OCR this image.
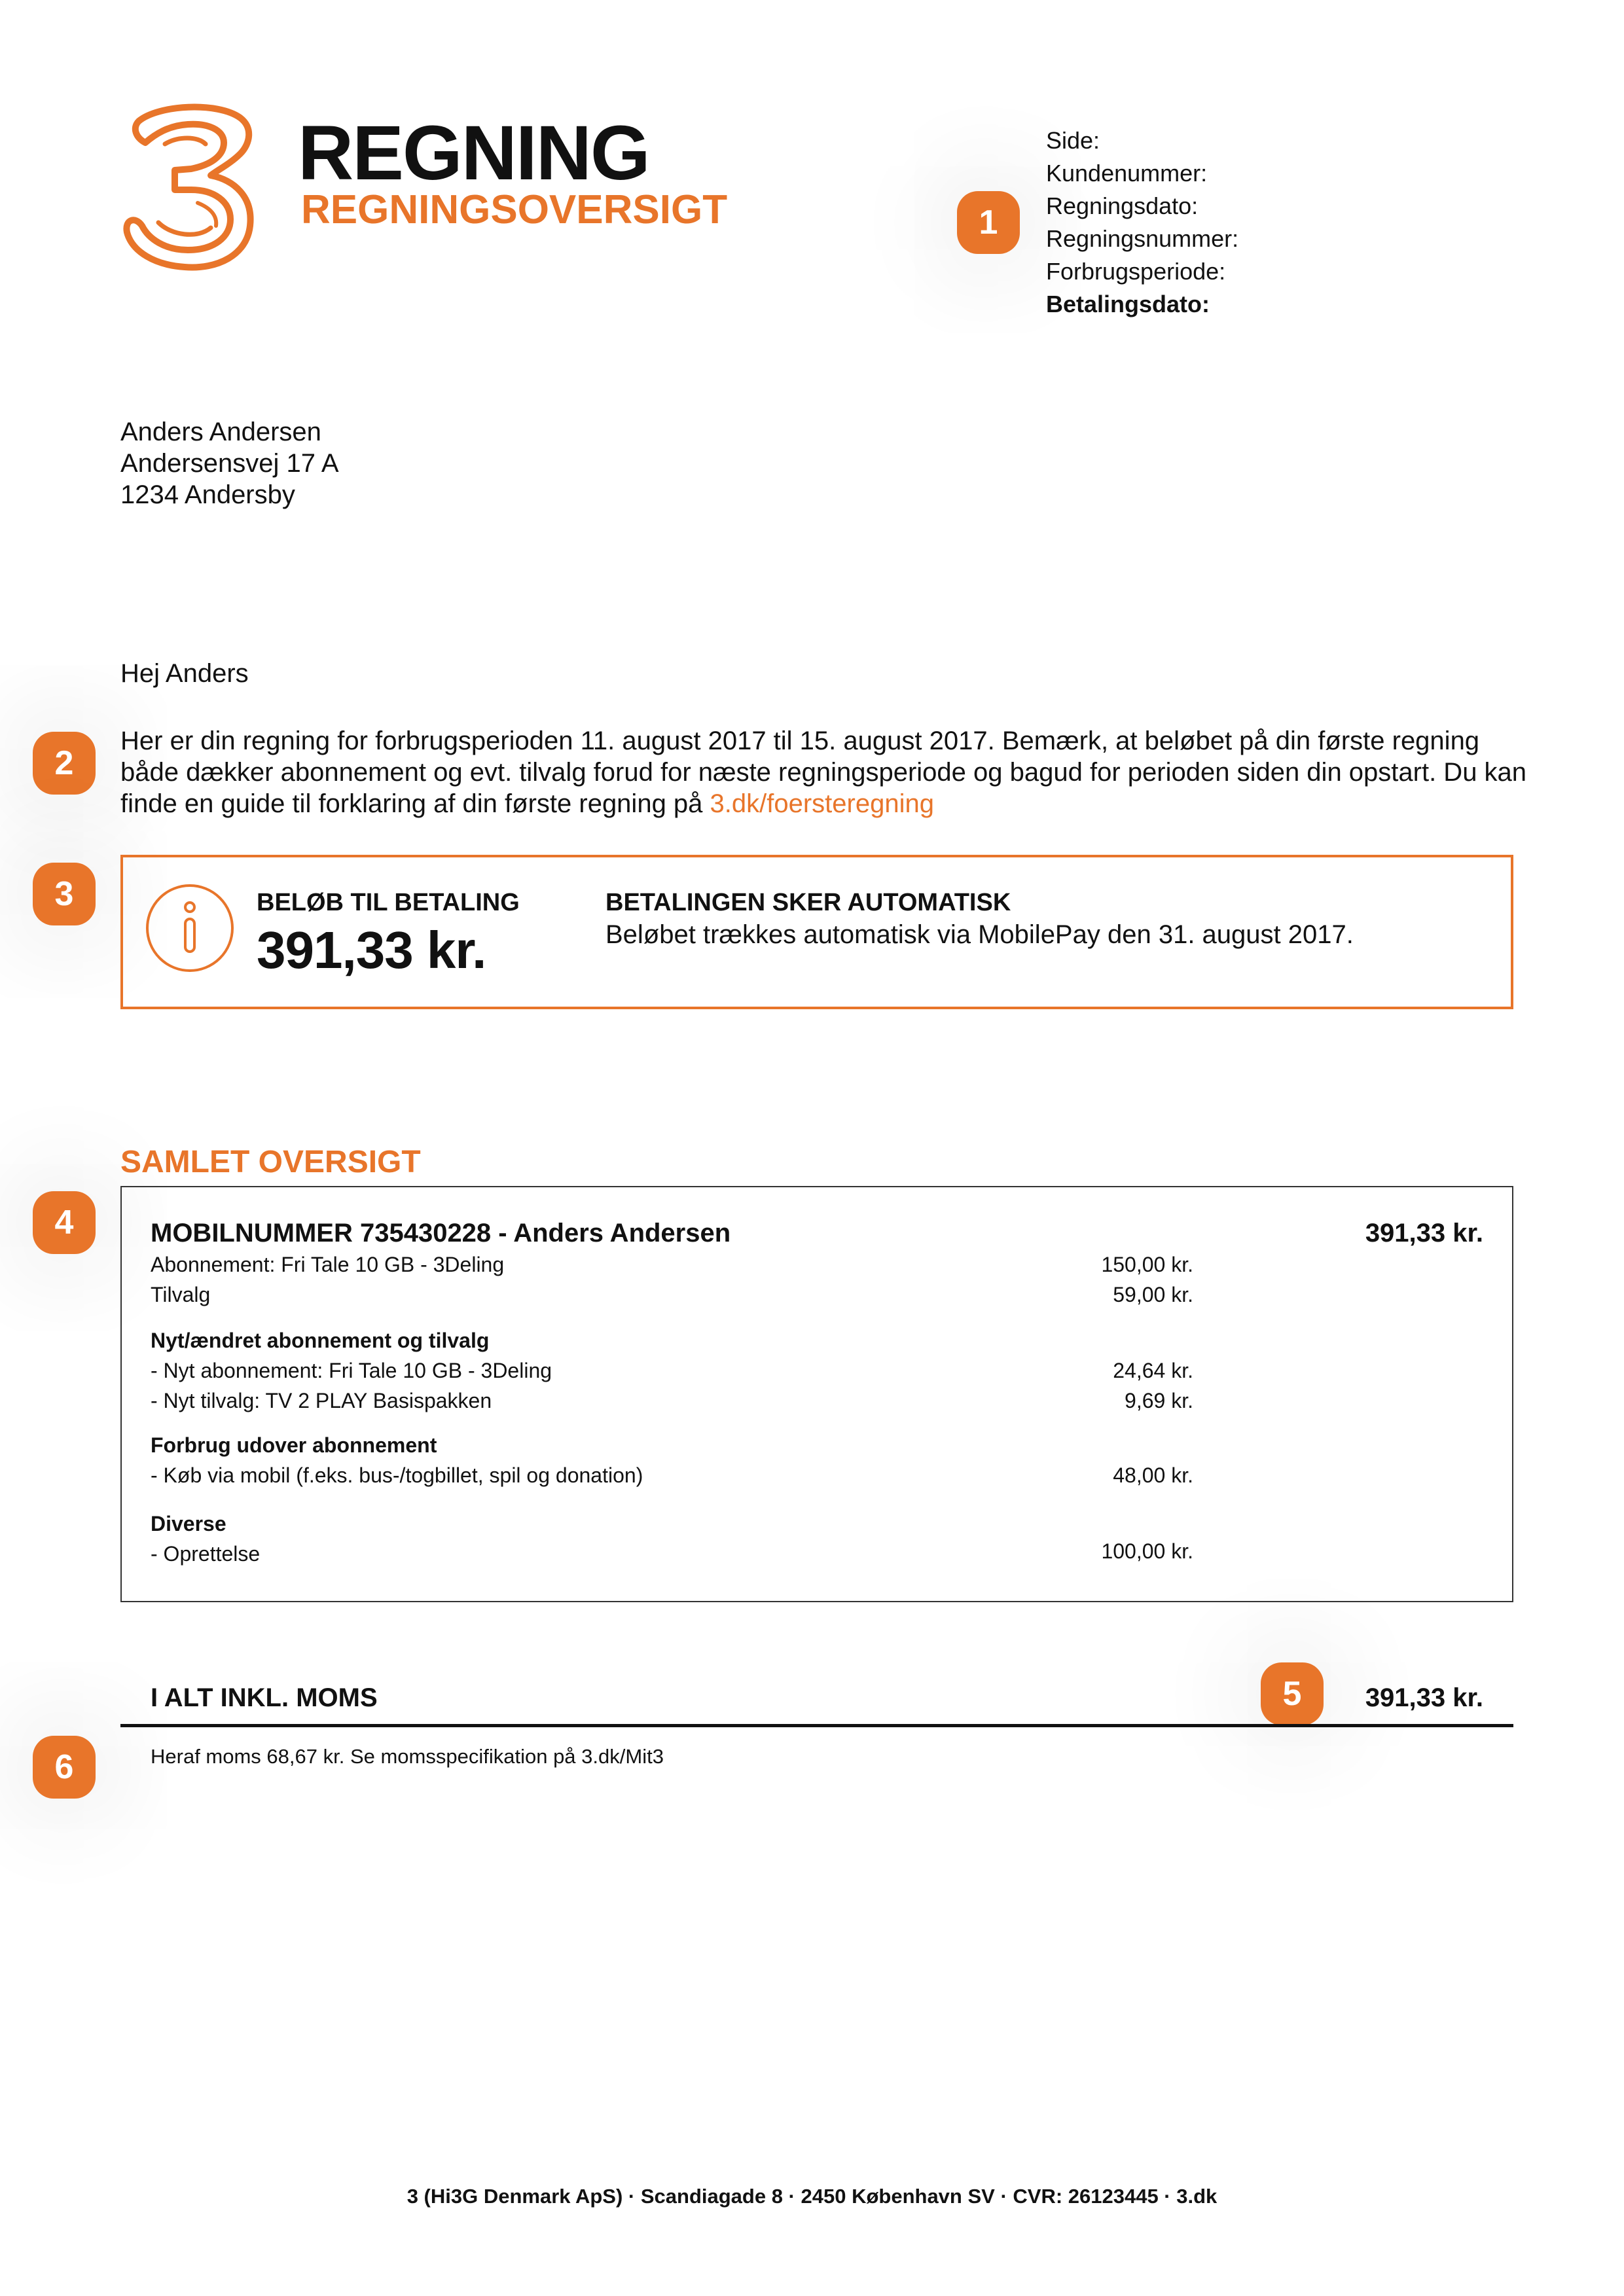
REGNING
REGNINGSOVERSIGT
Side:
Kundenummer:
Regningsdato:
Regningsnummer:
Forbrugsperiode:
Betalingsdato:
1
2
3
4
5
6
Anders Andersen
Andersensvej 17 A
1234 Andersby
Hej Anders
Her er din regning for forbrugsperioden 11. august 2017 til 15. august 2017. Bemærk, at beløbet på din første regning både dækker abonnement og evt. tilvalg forud for næste regningsperiode og bagud for perioden siden din opstart. Du kan finde en guide til forklaring af din første regning på 3.dk/foersteregning
BELØB TIL BETALING
391,33 kr.
BETALINGEN SKER AUTOMATISK
Beløbet trækkes automatisk via MobilePay den 31. august 2017.
SAMLET OVERSIGT
MOBILNUMMER 735430228 - Anders Andersen	391,33 kr.
Abonnement: Fri Tale 10 GB - 3Deling	150,00 kr.
Tilvalg	59,00 kr.
Nyt/ændret abonnement og tilvalg
- Nyt abonnement: Fri Tale 10 GB - 3Deling	24,64 kr.
- Nyt tilvalg: TV 2 PLAY Basispakken	9,69 kr.
Forbrug udover abonnement
- Køb via mobil (f.eks. bus-/togbillet, spil og donation)	48,00 kr.
Diverse
- Oprettelse	100,00 kr.
I ALT INKL. MOMS	391,33 kr.
Heraf moms 68,67 kr. Se momsspecifikation på 3.dk/Mit3
3 (Hi3G Denmark ApS) · Scandiagade 8 · 2450 København SV · CVR: 26123445 · 3.dk
